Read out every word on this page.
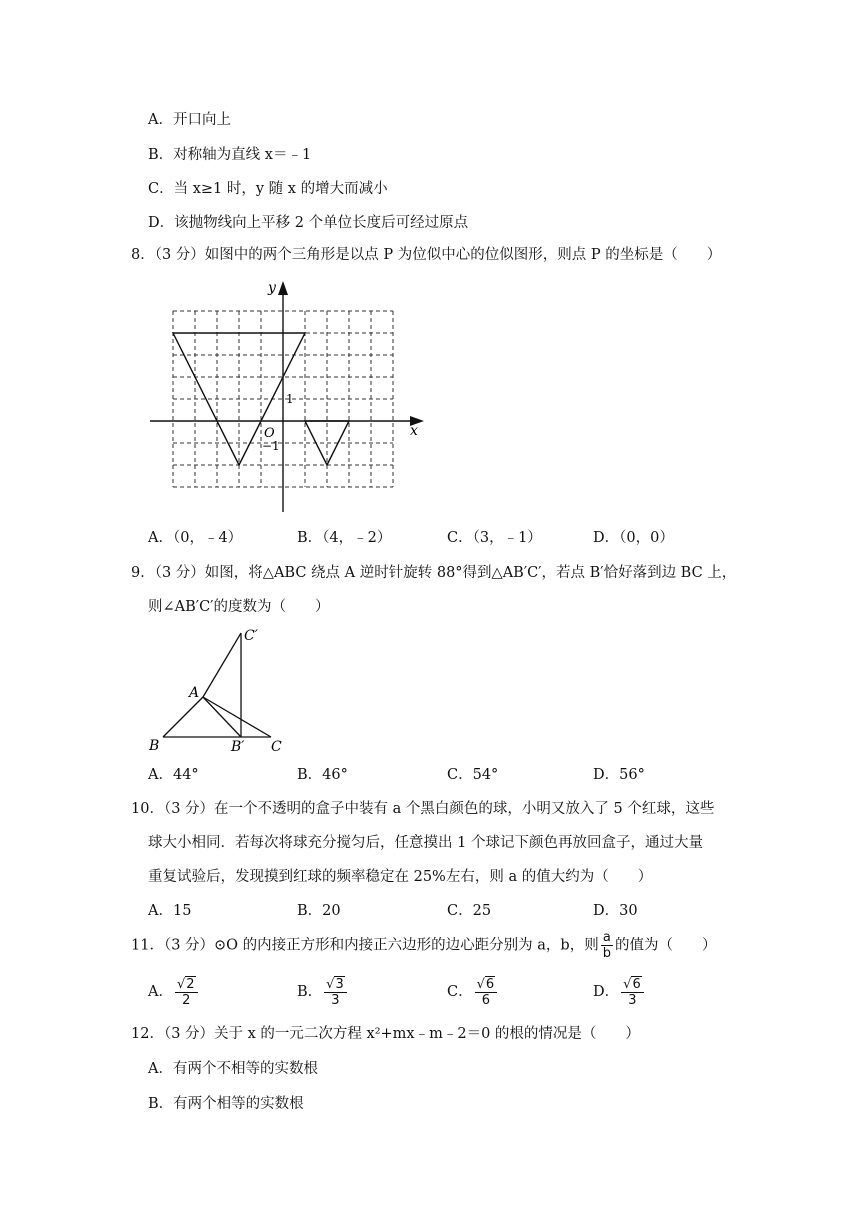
A．开口向上
B．对称轴为直线 x＝﹣1
C．当 x≥1 时，y 随 x 的增大而减小
D．该抛物线向上平移 2 个单位长度后可经过原点
8．（3 分）如图中的两个三角形是以点 P 为位似中心的位似图形，则点 P 的坐标是（　　）
y
x
O
1
−1
A．（0，﹣4）	B．（4，﹣2）	C．（3，﹣1）	D．（0，0）
9．（3 分）如图，将△ABC 绕点 A 逆时针旋转 88°得到△AB′C′，若点 B′恰好落到边 BC 上，
则∠AB′C′的度数为（　　）
A
B	C
B′
C′
A．44°	B．46°	C．54°	D．56°
10．（3 分）在一个不透明的盒子中装有 a 个黑白颜色的球，小明又放入了 5 个红球，这些
球大小相同．若每次将球充分搅匀后，任意摸出 1 个球记下颜色再放回盒子，通过大量
重复试验后，发现摸到红球的频率稳定在 25%左右，则 a 的值大约为（　　）
A．15	B．20	C．25	D．30
11．（3 分）⊙O 的内接正方形和内接正六边形的边心距分别为 a，b，则 $\frac{a}{b}$ 的值为（　　）
A． $\frac{√2}{2}$	B． $\frac{√3}{3}$	C． $\frac{√6}{6}$	D． $\frac{√6}{3}$
12．（3 分）关于 x 的一元二次方程 x²+mx﹣m﹣2＝0 的根的情况是（　　）
A．有两个不相等的实数根
B．有两个相等的实数根
